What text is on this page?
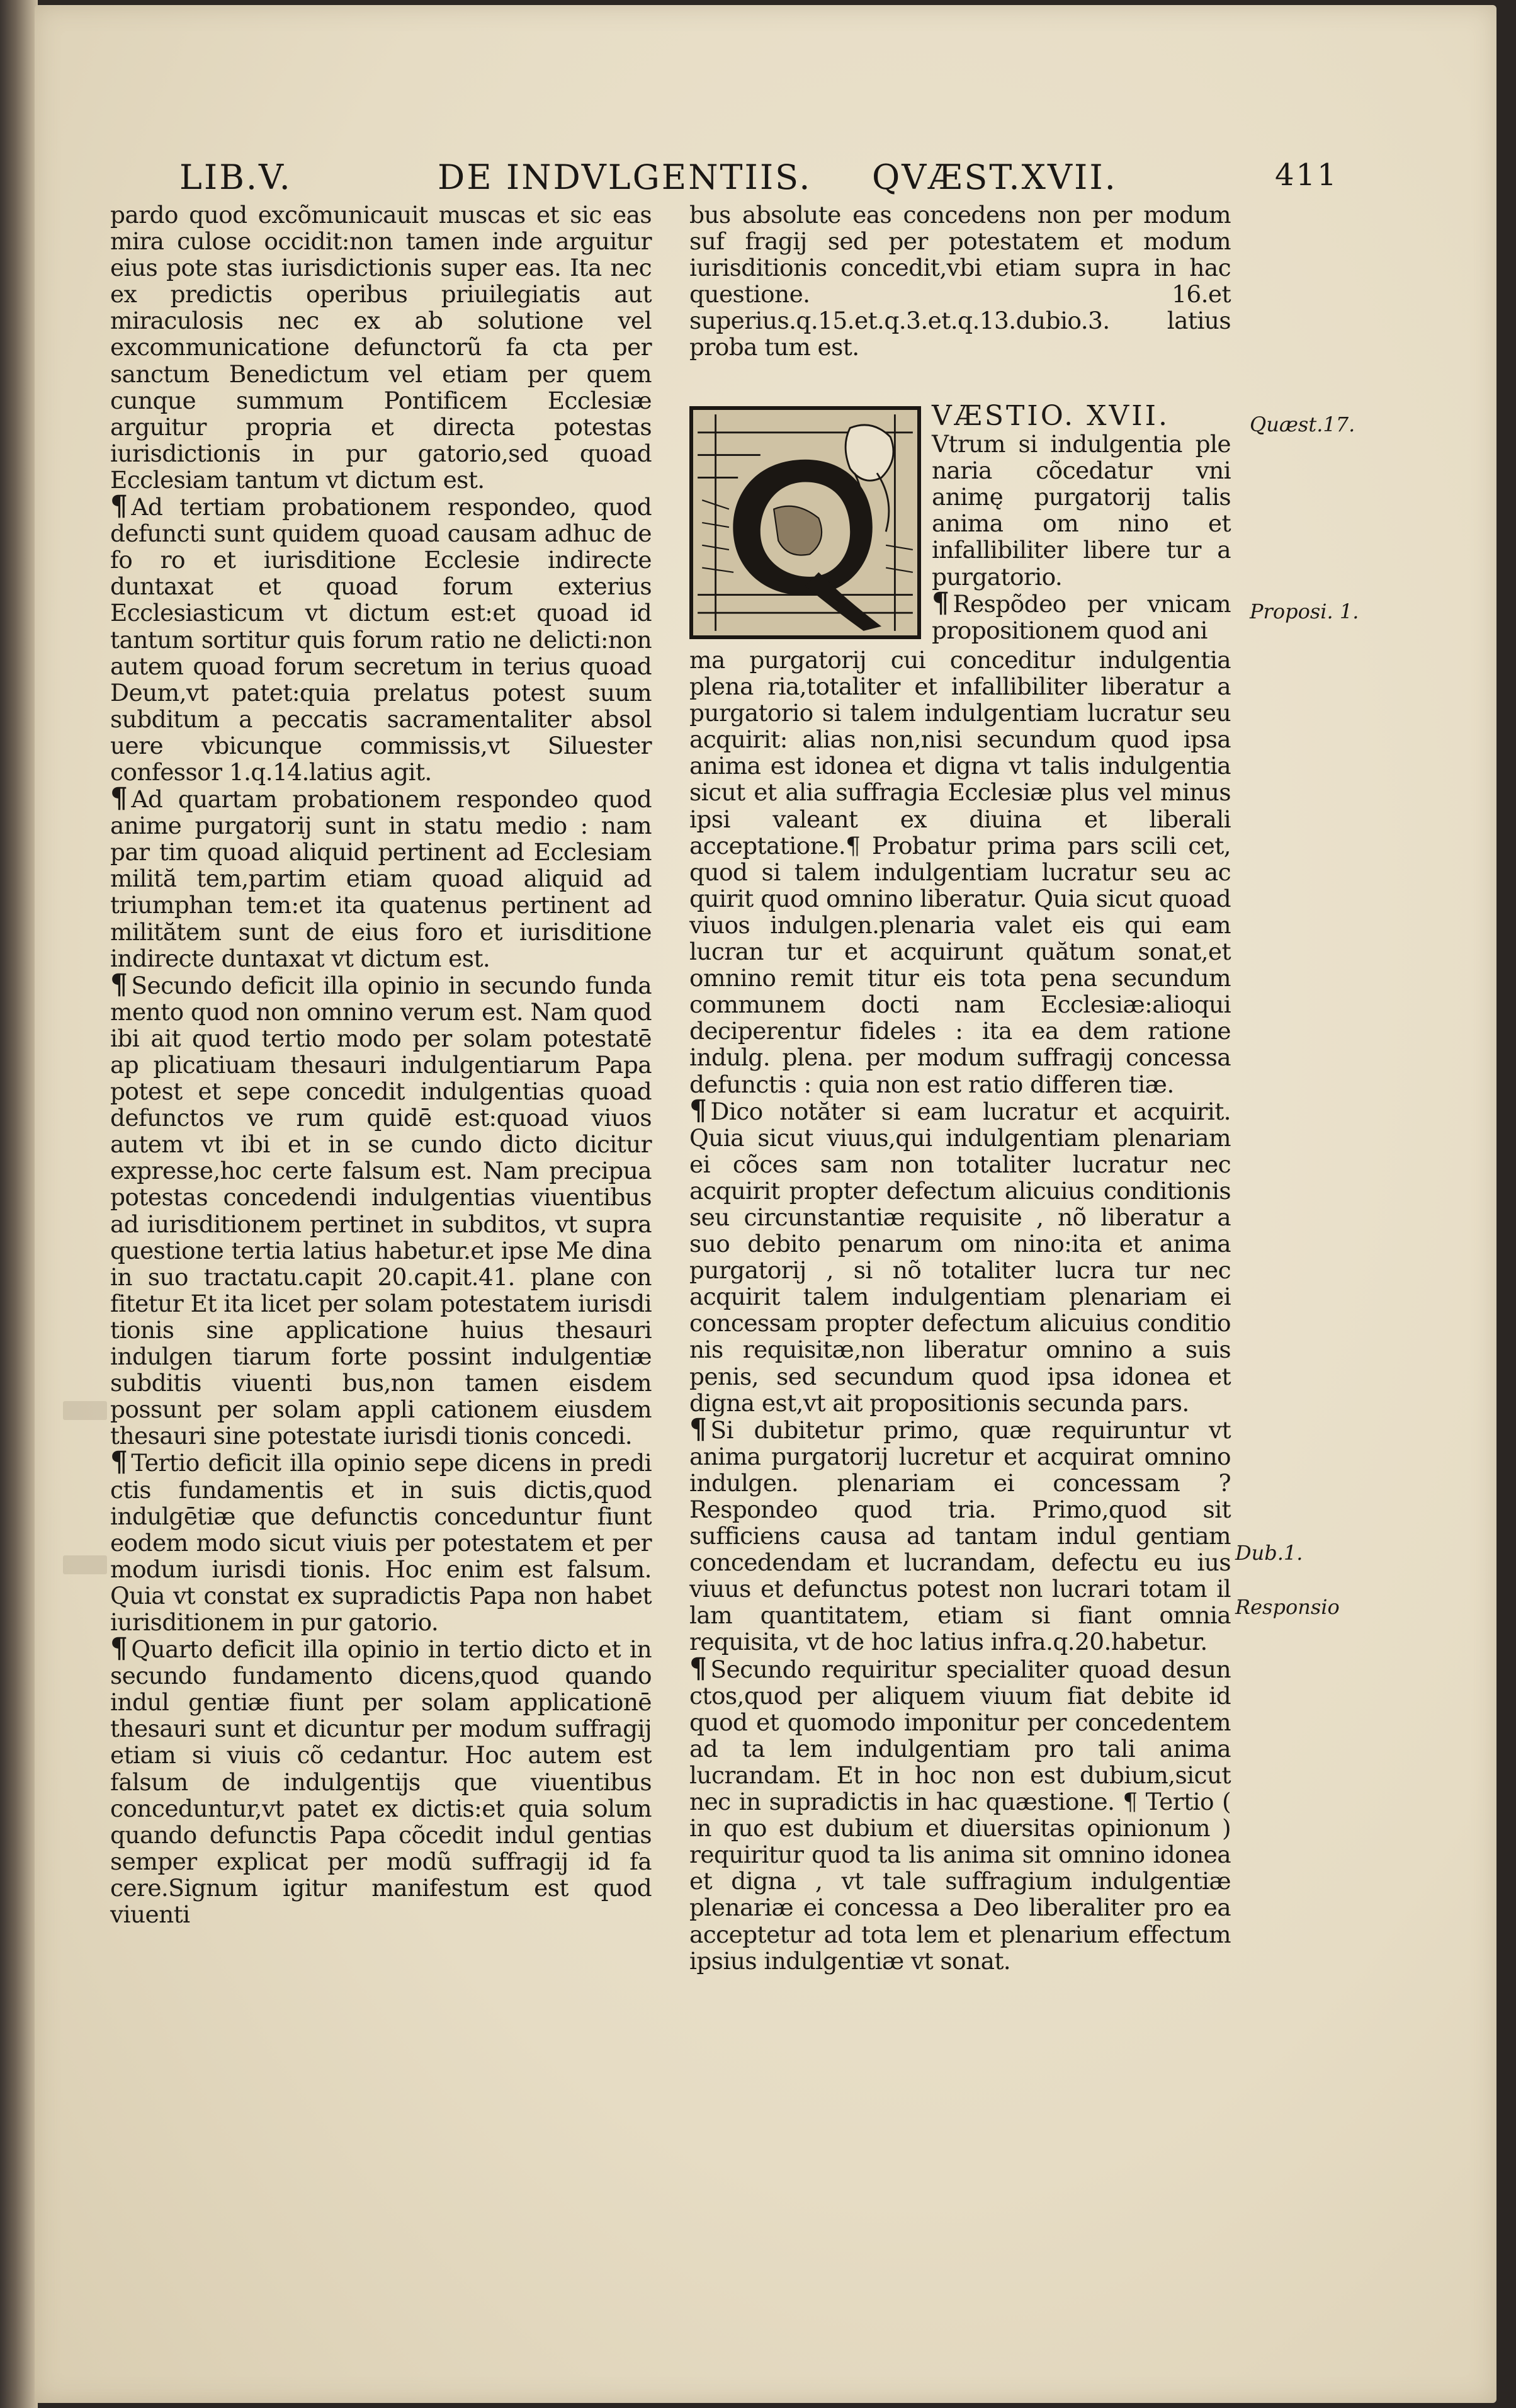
LIB.V.	DE INDVLGENTIIS. QVÆST.XVII.	411

pardo quod excõmunicauit muscas et sic eas mira culose occidit:non tamen inde arguitur eius pote stas iurisdictionis super eas. Ita nec ex predictis operibus priuilegiatis aut miraculosis nec ex ab solutione vel excommunicatione defunctorũ fa cta per sanctum Benedictum vel etiam per quem cunque summum Pontificem Ecclesiæ arguitur propria et directa potestas iurisdictionis in pur gatorio,sed quoad Ecclesiam tantum vt dictum est.

¶ Ad tertiam probationem respondeo, quod defuncti sunt quidem quoad causam adhuc de fo ro et iurisditione Ecclesie indirecte duntaxat et quoad forum exterius Ecclesiasticum vt dictum est:et quoad id tantum sortitur quis forum ratio ne delicti:non autem quoad forum secretum in terius quoad Deum,vt patet:quia prelatus potest suum subditum a peccatis sacramentaliter absol uere vbicunque commissis,vt Siluester confessor 1.q.14.latius agit.

¶ Ad quartam probationem respondeo quod anime purgatorij sunt in statu medio : nam par tim quoad aliquid pertinent ad Ecclesiam milită tem,partim etiam quoad aliquid ad triumphan tem:et ita quatenus pertinent ad militătem sunt de eius foro et iurisditione indirecte duntaxat vt dictum est.

¶ Secundo deficit illa opinio in secundo funda mento quod non omnino verum est. Nam quod ibi ait quod tertio modo per solam potestatē ap plicatiuam thesauri indulgentiarum Papa potest et sepe concedit indulgentias quoad defunctos ve rum quidē est:quoad viuos autem vt ibi et in se cundo dicto dicitur expresse,hoc certe falsum est. Nam precipua potestas concedendi indulgentias viuentibus ad iurisditionem pertinet in subditos, vt supra questione tertia latius habetur.et ipse Me dina in suo tractatu.capit 20.capit.41. plane con fitetur Et ita licet per solam potestatem iurisdi tionis sine applicatione huius thesauri indulgen tiarum forte possint indulgentiæ subditis viuenti bus,non tamen eisdem possunt per solam appli cationem eiusdem thesauri sine potestate iurisdi tionis concedi.

¶ Tertio deficit illa opinio sepe dicens in predi ctis fundamentis et in suis dictis,quod indulgētiæ que defunctis conceduntur fiunt eodem modo sicut viuis per potestatem et per modum iurisdi tionis. Hoc enim est falsum. Quia vt constat ex supradictis Papa non habet iurisditionem in pur gatorio.

¶ Quarto deficit illa opinio in tertio dicto et in secundo fundamento dicens,quod quando indul gentiæ fiunt per solam applicationē thesauri sunt et dicuntur per modum suffragij etiam si viuis cõ cedantur. Hoc autem est falsum de indulgentijs que viuentibus conceduntur,vt patet ex dictis:et quia solum quando defunctis Papa cõcedit indul gentias semper explicat per modũ suffragij id fa cere.Signum igitur manifestum est quod viuenti

bus absolute eas concedens non per modum suf fragij sed per potestatem et modum iurisditionis concedit,vbi etiam supra in hac questione. 16.et superius.q.15.et.q.3.et.q.13.dubio.3. latius proba tum est.

VÆSTIO. XVII.

Vtrum si indulgentia ple naria cõcedatur vni animę purgatorij talis anima om nino et infallibiliter libere tur a purgatorio.

¶ Respõdeo per vnicam propositionem quod ani

ma purgatorij cui conceditur indulgentia plena ria,totaliter et infallibiliter liberatur a purgatorio si talem indulgentiam lucratur seu acquirit: alias non,nisi secundum quod ipsa anima est idonea et digna vt talis indulgentia sicut et alia suffragia Ecclesiæ plus vel minus ipsi valeant ex diuina et liberali acceptatione.¶ Probatur prima pars scili cet, quod si talem indulgentiam lucratur seu ac quirit quod omnino liberatur. Quia sicut quoad viuos indulgen.plenaria valet eis qui eam lucran tur et acquirunt quătum sonat,et omnino remit titur eis tota pena secundum communem docti nam Ecclesiæ:alioqui deciperentur fideles : ita ea dem ratione indulg. plena. per modum suffragij concessa defunctis : quia non est ratio differen tiæ.

¶ Dico notăter si eam lucratur et acquirit. Quia sicut viuus,qui indulgentiam plenariam ei cõces sam non totaliter lucratur nec acquirit propter defectum alicuius conditionis seu circunstantiæ requisite , nõ liberatur a suo debito penarum om nino:ita et anima purgatorij , si nõ totaliter lucra tur nec acquirit talem indulgentiam plenariam ei concessam propter defectum alicuius conditio nis requisitæ,non liberatur omnino a suis penis, sed secundum quod ipsa idonea et digna est,vt ait propositionis secunda pars.

¶ Si dubitetur primo, quæ requiruntur vt anima purgatorij lucretur et acquirat omnino indulgen. plenariam ei concessam ? Respondeo quod tria. Primo,quod sit sufficiens causa ad tantam indul gentiam concedendam et lucrandam, defectu eu ius viuus et defunctus potest non lucrari totam il lam quantitatem, etiam si fiant omnia requisita, vt de hoc latius infra.q.20.habetur.

¶ Secundo requiritur specialiter quoad desun ctos,quod per aliquem viuum fiat debite id quod et quomodo imponitur per concedentem ad ta lem indulgentiam pro tali anima lucrandam. Et in hoc non est dubium,sicut nec in supradictis in hac quæstione. ¶ Tertio ( in quo est dubium et diuersitas opinionum ) requiritur quod ta lis anima sit omnino idonea et digna , vt tale suffragium indulgentiæ plenariæ ei concessa a Deo liberaliter pro ea acceptetur ad tota lem et plenarium effectum ipsius indulgentiæ vt sonat.

Quæst.17.
Proposi. 1.
Dub.1.
Responsio
